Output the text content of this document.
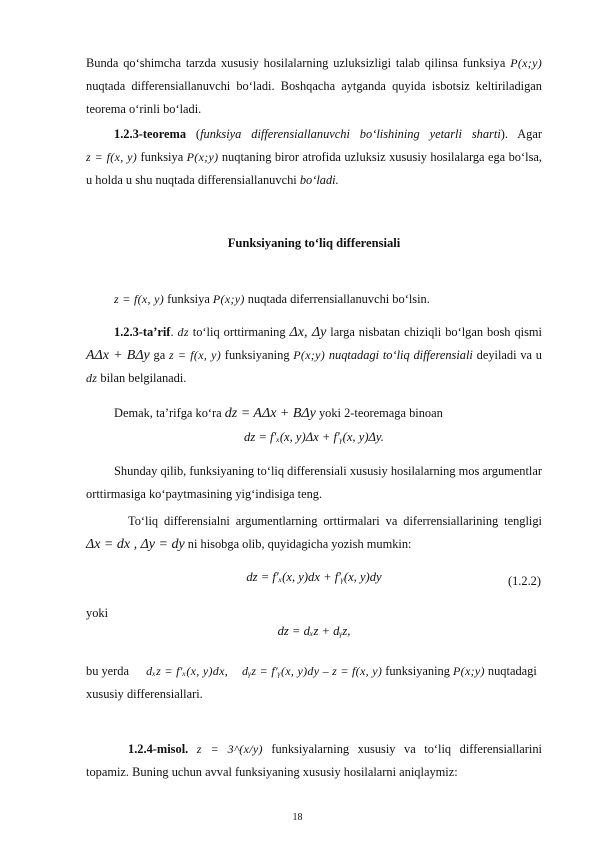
Bunda qo‘shimcha tarzda xususiy hosilalarning uzluksizligi talab qilinsa funksiya P(x;y) nuqtada differensiallanuvchi bo‘ladi. Boshqacha aytganda quyida isbotsiz keltiriladigan teorema o‘rinli bo‘ladi.

1.2.3-teorema (funksiya differensiallanuvchi bo‘lishining yetarli sharti). Agar z = f(x, y) funksiya P(x;y) nuqtaning biror atrofida uzluksiz xususiy hosilalarga ega bo‘lsa, u holda u shu nuqtada differensiallanuvchi bo‘ladi.

Funksiyaning to‘liq differensiali

z = f(x, y) funksiya P(x;y) nuqtada diferrensiallanuvchi bo‘lsin.

1.2.3-ta’rif. dz to‘liq orttirmaning Δx, Δy larga nisbatan chiziqli bo‘lgan bosh qismi AΔx + BΔy ga z = f(x, y) funksiyaning P(x;y) nuqtadagi to‘liq differensiali deyiladi va u dz bilan belgilanadi.

Demak, ta’rifga ko‘ra dz = AΔx + BΔy yoki 2-teoremaga binoan

dz = f′ₓ(x, y)Δx + f′ᵧ(x, y)Δy.

Shunday qilib, funksiyaning to‘liq differensiali xususiy hosilalarning mos argumentlar orttirmasiga ko‘paytmasining yig‘indisiga teng.

To‘liq differensialni argumentlarning orttirmalari va diferrensiallarining tengligi Δx = dx , Δy = dy ni hisobga olib, quyidagicha yozish mumkin:

dz = f′ₓ(x, y)dx + f′ᵧ(x, y)dy	(1.2.2)

yoki

dz = dₓz + dᵧz,

bu yerda dₓz = f′ₓ(x, y)dx, dᵧz = f′ᵧ(x, y)dy – z = f(x, y) funksiyaning P(x;y) nuqtadagi xususiy differensiallari.

1.2.4-misol. z = 3^(x/y) funksiyalarning xususiy va to‘liq differensiallarini topamiz. Buning uchun avval funksiyaning xususiy hosilalarni aniqlaymiz:

18
